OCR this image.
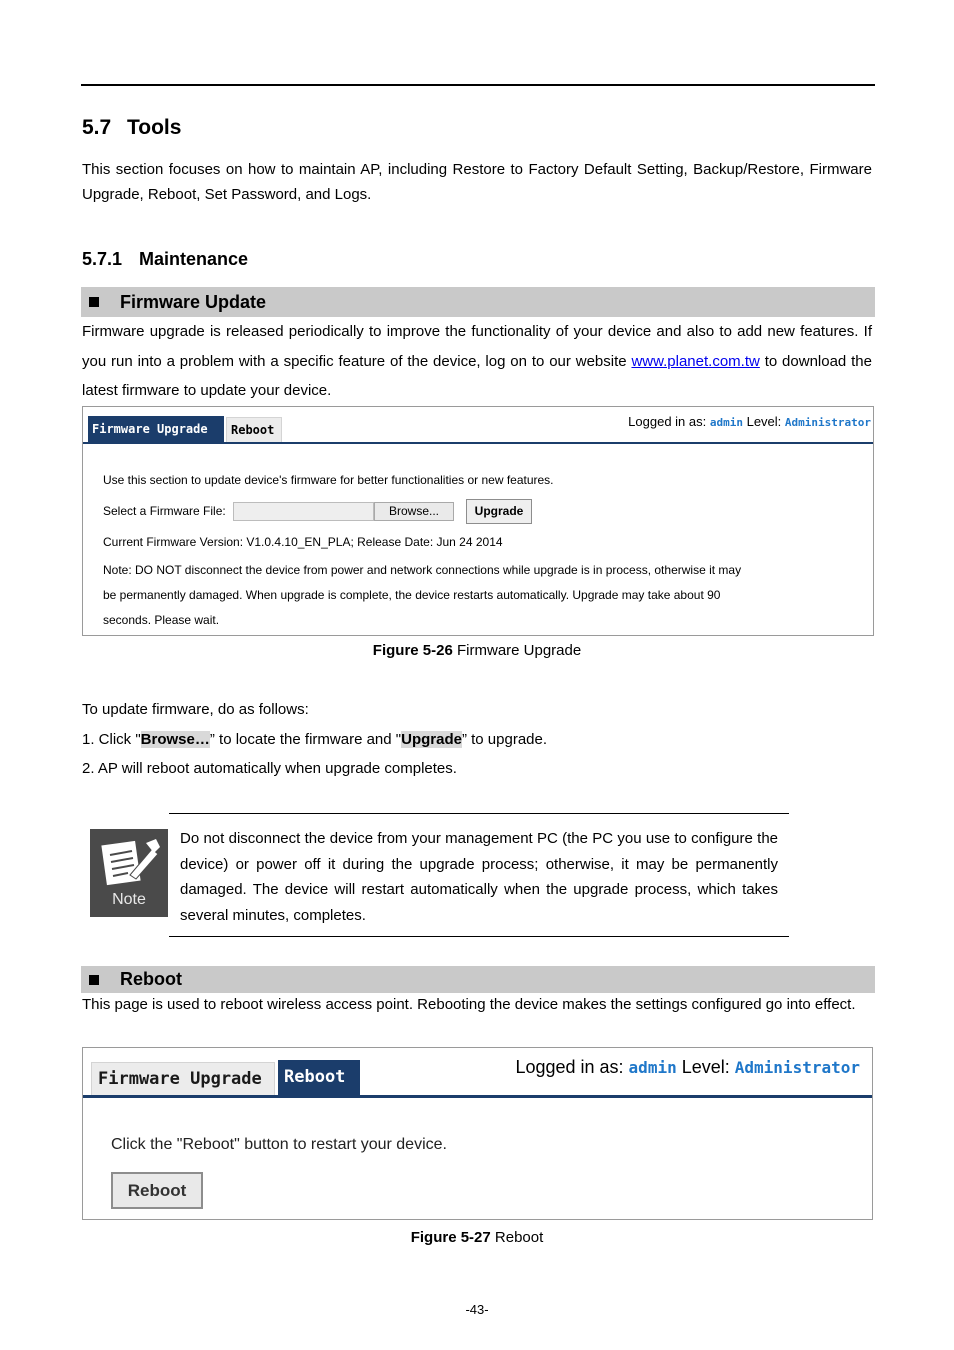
5.7 Tools

This section focuses on how to maintain AP, including Restore to Factory Default Setting, Backup/Restore, Firmware Upgrade, Reboot, Set Password, and Logs.

5.7.1 Maintenance
Firmware Update

Firmware upgrade is released periodically to improve the functionality of your device and also to add new features. If you run into a problem with a specific feature of the device, log on to our website www.planet.com.tw to download the latest firmware to update your device.

Firmware Upgrade	Reboot
Logged in as: admin Level: Administrator
Use this section to update device's firmware for better functionalities or new features.
Select a Firmware File:	Browse...	Upgrade
Current Firmware Version: V1.0.4.10_EN_PLA; Release Date: Jun 24 2014
Note: DO NOT disconnect the device from power and network connections while upgrade is in process, otherwise it may
be permanently damaged. When upgrade is complete, the device restarts automatically. Upgrade may take about 90
seconds. Please wait.
Figure 5-26 Firmware Upgrade

To update firmware, do as follows:

1. Click "Browse…” to locate the firmware and "Upgrade” to upgrade.

2. AP will reboot automatically when upgrade completes.

Note

Do not disconnect the device from your management PC (the PC you use to configure the device) or power off it during the upgrade process; otherwise, it may be permanently damaged. The device will restart automatically when the upgrade process, which takes several minutes, completes.

Reboot

This page is used to reboot wireless access point. Rebooting the device makes the settings configured go into effect.

Firmware Upgrade	Reboot	Logged in as: admin Level: Administrator
Click the "Reboot" button to restart your device.
Reboot
Figure 5-27 Reboot
-43-
